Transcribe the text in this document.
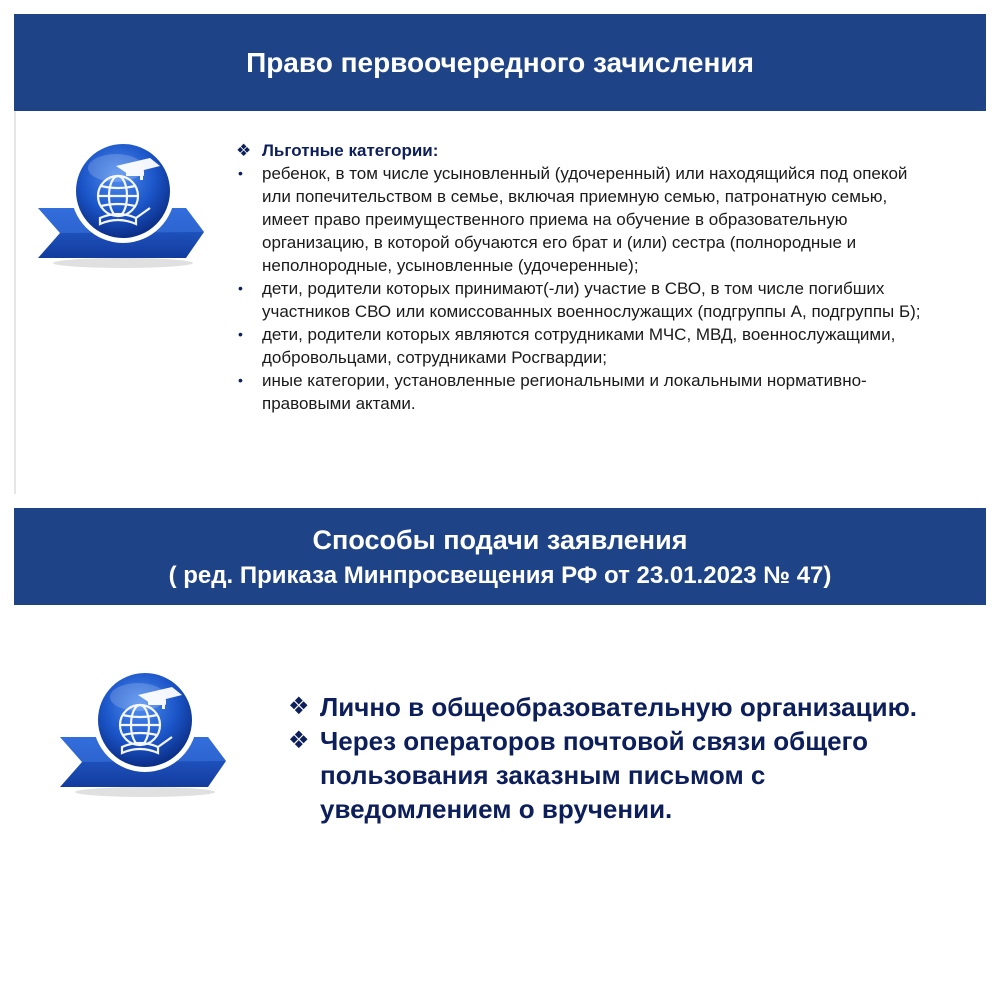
Право первоочередного зачисления
❖ Льготные категории:
• ребенок, в том числе усыновленный (удочеренный) или находящийся под опекой или попечительством в семье, включая приемную семью, патронатную семью, имеет право преимущественного приема на обучение в образовательную организацию, в которой обучаются его брат и (или) сестра (полнородные и неполнородные, усыновленные (удочеренные);
• дети, родители которых принимают(-ли) участие в СВО, в том числе погибших участников СВО или комиссованных военнослужащих (подгруппы А, подгруппы Б);
• дети, родители которых являются сотрудниками МЧС, МВД, военнослужащими, добровольцами, сотрудниками Росгвардии;
• иные категории, установленные региональными и локальными нормативно-правовыми актами.
Способы подачи заявления
( ред. Приказа Минпросвещения РФ от 23.01.2023 № 47)
❖ Лично в общеобразовательную организацию.
❖ Через операторов почтовой связи общего пользования заказным письмом с уведомлением о вручении.
